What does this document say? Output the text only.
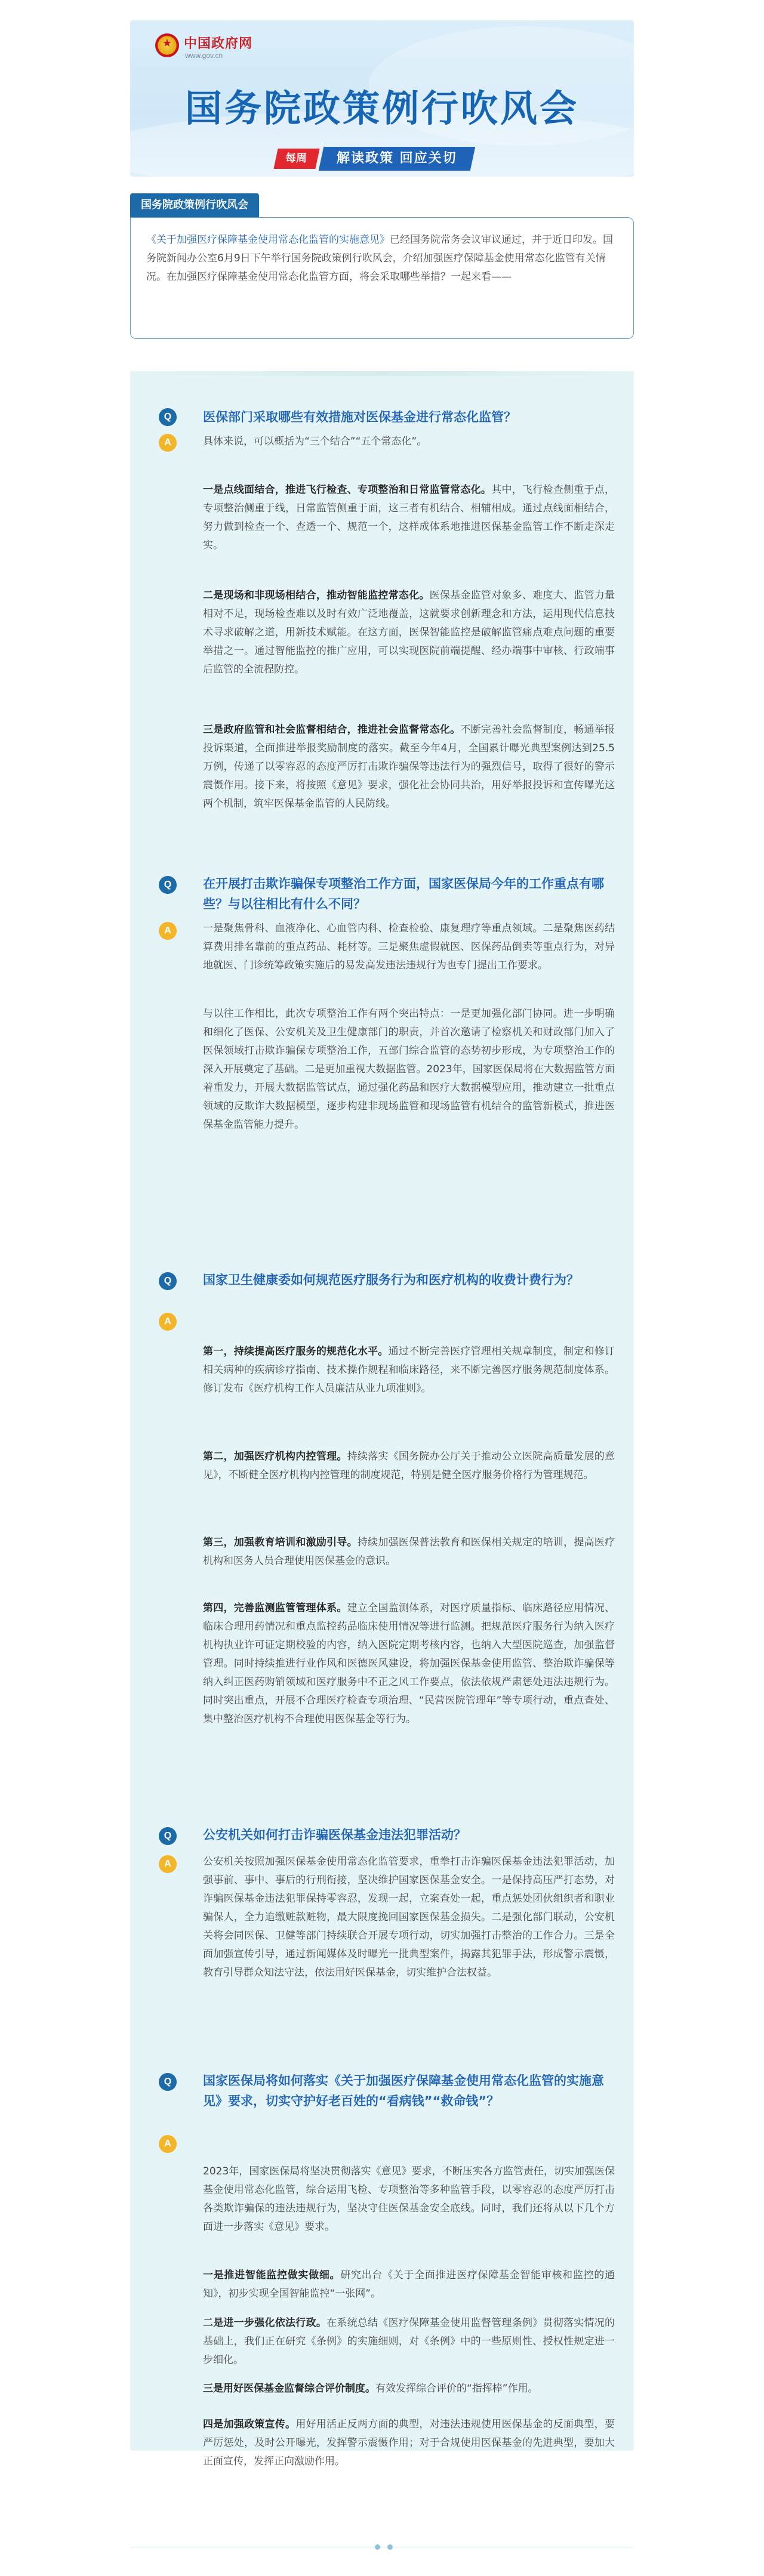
★
中国政府网
www.gov.cn
国务院政策例行吹风会
每周	解读政策 回应关切
国务院政策例行吹风会
《关于加强医疗保障基金使用常态化监管的实施意见》已经国务院常务会议审议通过，并于近日印发。国务院新闻办公室6月9日下午举行国务院政策例行吹风会，介绍加强医疗保障基金使用常态化监管有关情况。在加强医疗保障基金使用常态化监管方面，将会采取哪些举措？一起来看——
Q	医保部门采取哪些有效措施对医保基金进行常态化监管？
A	具体来说，可以概括为“三个结合”“五个常态化”。
一是点线面结合，推进飞行检查、专项整治和日常监管常态化。其中，飞行检查侧重于点，专项整治侧重于线，日常监管侧重于面，这三者有机结合、相辅相成。通过点线面相结合，努力做到检查一个、查透一个、规范一个，这样成体系地推进医保基金监管工作不断走深走实。
二是现场和非现场相结合，推动智能监控常态化。医保基金监管对象多、难度大、监管力量相对不足，现场检查难以及时有效广泛地覆盖，这就要求创新理念和方法，运用现代信息技术寻求破解之道，用新技术赋能。在这方面，医保智能监控是破解监管痛点难点问题的重要举措之一。通过智能监控的推广应用，可以实现医院前端提醒、经办端事中审核、行政端事后监管的全流程防控。
三是政府监管和社会监督相结合，推进社会监督常态化。不断完善社会监督制度，畅通举报投诉渠道，全面推进举报奖励制度的落实。截至今年4月，全国累计曝光典型案例达到25.5万例，传递了以零容忍的态度严厉打击欺诈骗保等违法行为的强烈信号，取得了很好的警示震慑作用。接下来，将按照《意见》要求，强化社会协同共治，用好举报投诉和宣传曝光这两个机制，筑牢医保基金监管的人民防线。
Q	在开展打击欺诈骗保专项整治工作方面，国家医保局今年的工作重点有哪些？与以往相比有什么不同？
A	一是聚焦骨科、血液净化、心血管内科、检查检验、康复理疗等重点领域。二是聚焦医药结算费用排名靠前的重点药品、耗材等。三是聚焦虚假就医、医保药品倒卖等重点行为，对异地就医、门诊统筹政策实施后的易发高发违法违规行为也专门提出工作要求。
与以往工作相比，此次专项整治工作有两个突出特点：一是更加强化部门协同。进一步明确和细化了医保、公安机关及卫生健康部门的职责，并首次邀请了检察机关和财政部门加入了医保领域打击欺诈骗保专项整治工作，五部门综合监管的态势初步形成，为专项整治工作的深入开展奠定了基础。二是更加重视大数据监管。2023年，国家医保局将在大数据监管方面着重发力，开展大数据监管试点，通过强化药品和医疗大数据模型应用，推动建立一批重点领域的反欺诈大数据模型，逐步构建非现场监管和现场监管有机结合的监管新模式，推进医保基金监管能力提升。
Q	国家卫生健康委如何规范医疗服务行为和医疗机构的收费计费行为？
A
第一，持续提高医疗服务的规范化水平。通过不断完善医疗管理相关规章制度，制定和修订相关病种的疾病诊疗指南、技术操作规程和临床路径，来不断完善医疗服务规范制度体系。修订发布《医疗机构工作人员廉洁从业九项准则》。
第二，加强医疗机构内控管理。持续落实《国务院办公厅关于推动公立医院高质量发展的意见》，不断健全医疗机构内控管理的制度规范，特别是健全医疗服务价格行为管理规范。
第三，加强教育培训和激励引导。持续加强医保普法教育和医保相关规定的培训，提高医疗机构和医务人员合理使用医保基金的意识。
第四，完善监测监管管理体系。建立全国监测体系，对医疗质量指标、临床路径应用情况、临床合理用药情况和重点监控药品临床使用情况等进行监测。把规范医疗服务行为纳入医疗机构执业许可证定期校验的内容，纳入医院定期考核内容，也纳入大型医院巡查，加强监督管理。同时持续推进行业作风和医德医风建设，将加强医保基金使用监管、整治欺诈骗保等纳入纠正医药购销领域和医疗服务中不正之风工作要点，依法依规严肃惩处违法违规行为。同时突出重点，开展不合理医疗检查专项治理、“民营医院管理年”等专项行动，重点查处、集中整治医疗机构不合理使用医保基金等行为。
Q	公安机关如何打击诈骗医保基金违法犯罪活动？
A	公安机关按照加强医保基金使用常态化监管要求，重拳打击诈骗医保基金违法犯罪活动，加强事前、事中、事后的行刑衔接，坚决维护国家医保基金安全。一是保持高压严打态势，对诈骗医保基金违法犯罪保持零容忍，发现一起，立案查处一起，重点惩处团伙组织者和职业骗保人，全力追缴赃款赃物，最大限度挽回国家医保基金损失。二是强化部门联动，公安机关将会同医保、卫健等部门持续联合开展专项行动，切实加强打击整治的工作合力。三是全面加强宣传引导，通过新闻媒体及时曝光一批典型案件，揭露其犯罪手法，形成警示震慑，教育引导群众知法守法，依法用好医保基金，切实维护合法权益。
Q	国家医保局将如何落实《关于加强医疗保障基金使用常态化监管的实施意见》要求，切实守护好老百姓的“看病钱”“救命钱”？
A
2023年，国家医保局将坚决贯彻落实《意见》要求，不断压实各方监管责任，切实加强医保基金使用常态化监管，综合运用飞检、专项整治等多种监管手段，以零容忍的态度严厉打击各类欺诈骗保的违法违规行为，坚决守住医保基金安全底线。同时，我们还将从以下几个方面进一步落实《意见》要求。
一是推进智能监控做实做细。研究出台《关于全面推进医疗保障基金智能审核和监控的通知》，初步实现全国智能监控“一张网”。
二是进一步强化依法行政。在系统总结《医疗保障基金使用监督管理条例》贯彻落实情况的基础上，我们正在研究《条例》的实施细则，对《条例》中的一些原则性、授权性规定进一步细化。
三是用好医保基金监督综合评价制度。有效发挥综合评价的“指挥棒”作用。
四是加强政策宣传。用好用活正反两方面的典型，对违法违规使用医保基金的反面典型，要严厉惩处，及时公开曝光，发挥警示震慑作用；对于合规使用医保基金的先进典型，要加大正面宣传，发挥正向激励作用。
